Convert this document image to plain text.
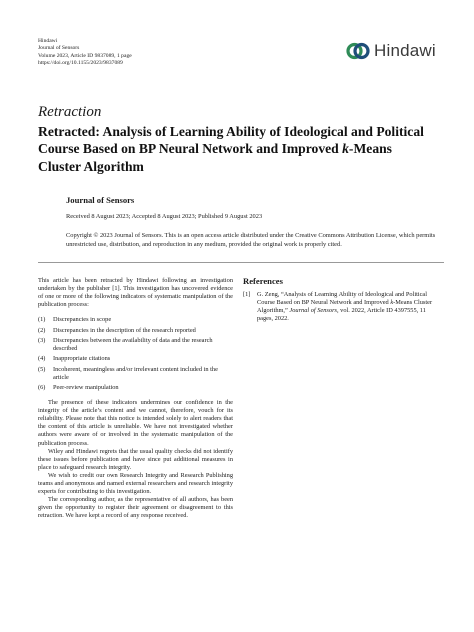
Hindawi
Journal of Sensors
Volume 2023, Article ID 9837089, 1 page
https://doi.org/10.1155/2023/9837089
Hindawi
Retraction
Retracted: Analysis of Learning Ability of Ideological and Political Course Based on BP Neural Network and Improved k-Means Cluster Algorithm
Journal of Sensors
Received 8 August 2023; Accepted 8 August 2023; Published 9 August 2023
Copyright © 2023 Journal of Sensors. This is an open access article distributed under the Creative Commons Attribution License, which permits unrestricted use, distribution, and reproduction in any medium, provided the original work is properly cited.

This article has been retracted by Hindawi following an investigation undertaken by the publisher [1]. This investigation has uncovered evidence of one or more of the following indicators of systematic manipulation of the publication process:

(1)	Discrepancies in scope
(2)	Discrepancies in the description of the research reported
(3)	Discrepancies between the availability of data and the research described
(4)	Inappropriate citations
(5)	Incoherent, meaningless and/or irrelevant content included in the article
(6)	Peer-review manipulation

The presence of these indicators undermines our confidence in the integrity of the article’s content and we cannot, therefore, vouch for its reliability. Please note that this notice is intended solely to alert readers that the content of this article is unreliable. We have not investigated whether authors were aware of or involved in the systematic manipulation of the publication process.

Wiley and Hindawi regrets that the usual quality checks did not identify these issues before publication and have since put additional measures in place to safeguard research integrity.

We wish to credit our own Research Integrity and Research Publishing teams and anonymous and named external researchers and research integrity experts for contributing to this investigation.

The corresponding author, as the representative of all authors, has been given the opportunity to register their agreement or disagreement to this retraction. We have kept a record of any response received.

References
[1]	G. Zeng, “Analysis of Learning Ability of Ideological and Political Course Based on BP Neural Network and Improved k-Means Cluster Algorithm,” Journal of Sensors, vol. 2022, Article ID 4397555, 11 pages, 2022.
